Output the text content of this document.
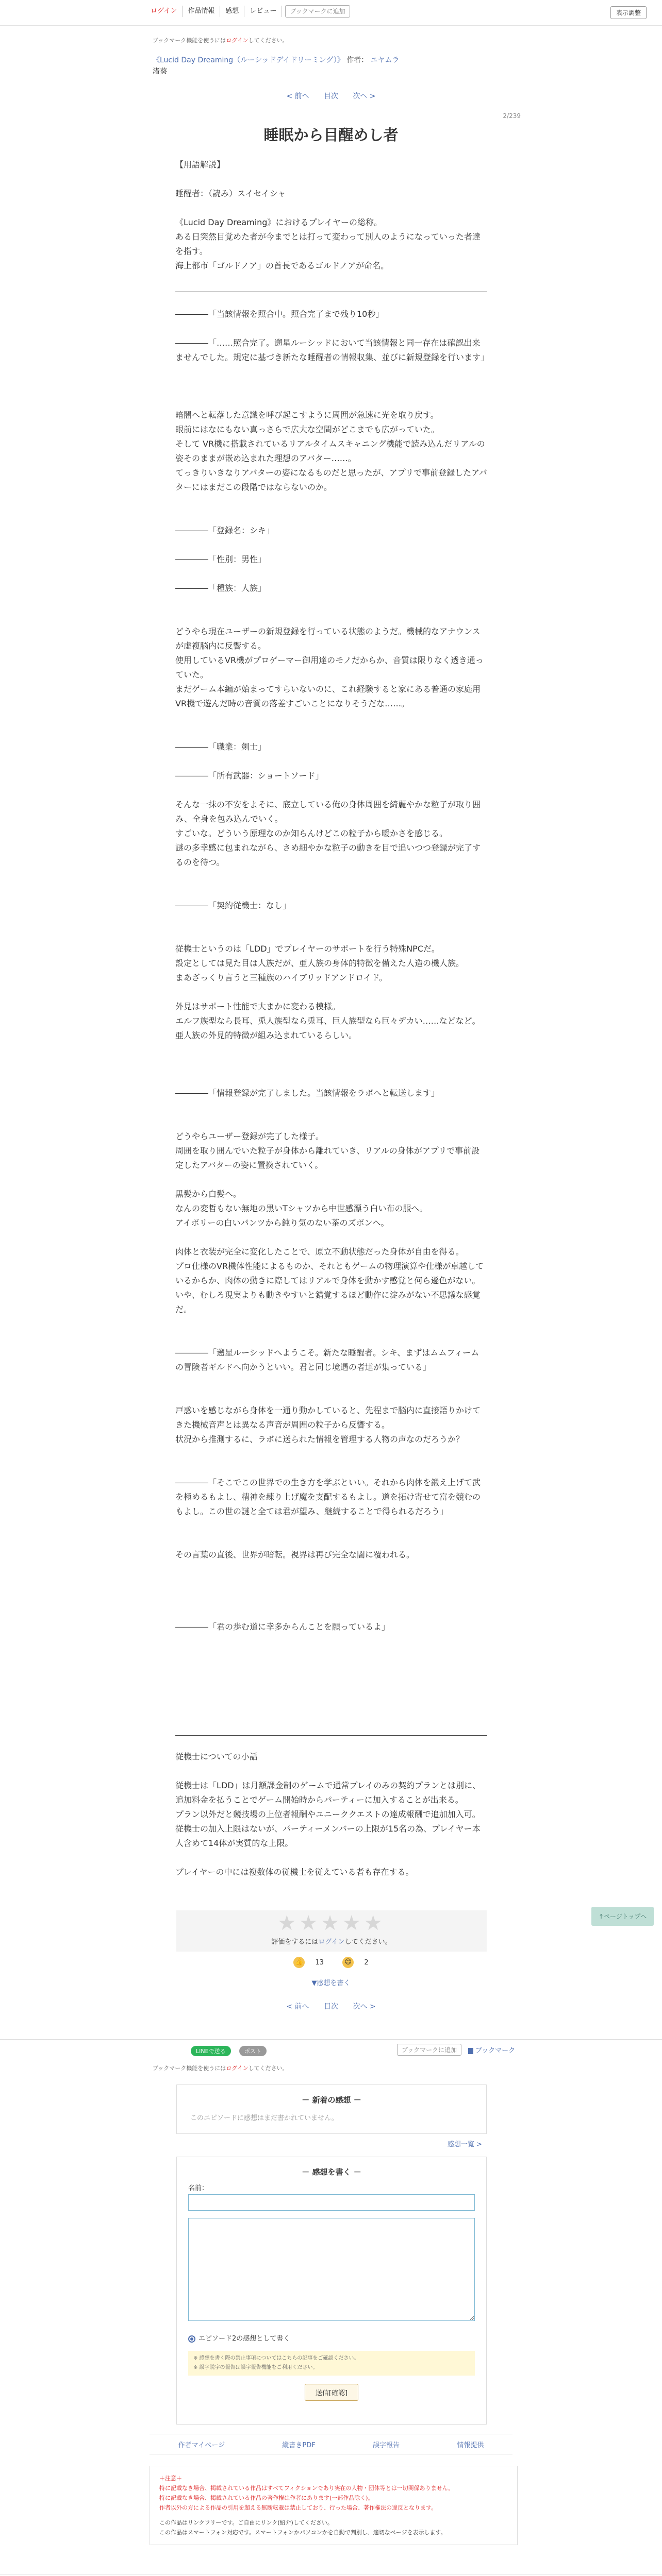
ログイン	作品情報	感想	レビュー	ブックマークに追加	表示調整
ブックマーク機能を使うにはログインしてください。
《Lucid Day Dreaming（ルーシッドデイドリーミング）》 作者： エヤムラ
渚葵
< 前へ 目次 次へ >
2/239
睡眠から目醒めし者

【用語解説】

睡醒者：（読み）スイセイシャ

《Lucid Day Dreaming》におけるプレイヤーの総称。

ある日突然目覚めた者が今までとは打って変わって別人のようになっていった者達を指す。

海上都市「ゴルドノア」の首長であるゴルドノアが命名。

――――「当該情報を照合中。照合完了まで残り10秒」

――――「……照合完了。遡星ルーシッドにおいて当該情報と同一存在は確認出来ませんでした。規定に基づき新たな睡醒者の情報収集、並びに新規登録を行います」

暗闇へと転落した意識を呼び起こすように周囲が急速に光を取り戻す。

眼前にはなにもない真っさらで広大な空間がどこまでも広がっていた。

そして VR機に搭載されているリアルタイムスキャニング機能で読み込んだリアルの姿そのままが嵌め込まれた理想のアバター……。

てっきりいきなりアバターの姿になるものだと思ったが、アプリで事前登録したアバターにはまだこの段階ではならないのか。

――――「登録名：シキ」

――――「性別：男性」

――――「種族：人族」

どうやら現在ユーザーの新規登録を行っている状態のようだ。機械的なアナウンスが虚複脳内に反響する。

使用しているVR機がプロゲーマー御用達のモノだからか、音質は限りなく透き通っていた。

まだゲーム本編が始まってすらいないのに、これ経験すると家にある普通の家庭用VR機で遊んだ時の音質の落差すごいことになりそうだな……。

――――「職業：剣士」

――――「所有武器：ショートソード」

そんな一抹の不安をよそに、底立している俺の身体周囲を綺麗やかな粒子が取り囲み、全身を包み込んでいく。

すごいな。どういう原理なのか知らんけどこの粒子から暖かさを感じる。

謎の多幸感に包まれながら、さめ細やかな粒子の動きを目で追いつつ登録が完了するのを待つ。

――――「契約従機士：なし」

従機士というのは「LDD」でプレイヤーのサポートを行う特殊NPCだ。

設定としては見た目は人族だが、亜人族の身体的特徴を備えた人造の機人族。

まあざっくり言うと三種族のハイブリッドアンドロイド。

外見はサポート性能で大まかに変わる模様。

エルフ族型なら長耳、兎人族型なら兎耳、巨人族型なら巨々デカい……などなど。

亜人族の外見的特徴が組み込まれているらしい。

――――「情報登録が完了しました。当該情報をラボへと転送します」

どうやらユーザー登録が完了した様子。

周囲を取り囲んでいた粒子が身体から離れていき、リアルの身体がアプリで事前設定したアバターの姿に置換されていく。

黒髪から白髪へ。

なんの変哲もない無地の黒いTシャツから中世感漂う白い布の服へ。

アイボリーの白いパンツから鈍り気のない茶のズボンへ。

肉体と衣装が完全に変化したことで、原立不動状態だった身体が自由を得る。

プロ仕様のVR機体性能によるものか、それともゲームの物理演算や仕様が卓越しているからか、肉体の動きに際してはリアルで身体を動かす感覚と何ら遜色がない。

いや、むしろ現実よりも動きやすいと錯覚するほど動作に淀みがない不思議な感覚だ。

――――「遡星ルーシッドへようこそ。新たな睡醒者。シキ、まずはムムフィームの冒険者ギルドへ向かうといい。君と同じ境遇の者達が集っている」

戸惑いを感じながら身体を一通り動かしていると、先程まで脳内に直接語りかけてきた機械音声とは異なる声音が周囲の粒子から反響する。

状況から推測するに、ラボに送られた情報を管理する人物の声なのだろうか？

――――「そこでこの世界での生き方を学ぶといい。それから肉体を鍛え上げて武を極めるもよし、精神を練り上げ魔を支配するもよし。道を拓け寄せて富を競むのもよし。この世の謎と全ては君が望み、継続することで得られるだろう」

その言葉の直後、世界が暗転。視界は再び完全な闇に覆われる。

――――「君の歩む道に幸多からんことを願っているよ」

従機士についての小話

従機士は「LDD」は月額課金制のゲームで通常プレイのみの契約プランとは別に、追加料金を払うことでゲーム開始時からパーティーに加入することが出来る。

プラン以外だと競技場の上位者報酬やユニーククエストの達成報酬で追加加入可。

従機士の加入上限はないが、パーティーメンバーの上限が15名の為、プレイヤー本人含めて14体が実質的な上限。

プレイヤーの中には複数体の従機士を従えている者も存在する。

★★★★★
評価をするにはログインしてください。
👍 13	☺ 2
▼感想を書く
< 前へ 目次 次へ >
↑ページトップへ
LINEで送る	ポスト	ブックマークに追加	ブックマーク
ブックマーク機能を使うにはログインしてください。
－ 新着の感想 －
このエピソードに感想はまだ書かれていません。
感想一覧 >
－ 感想を書く －
名前：

エピソード2の感想として書く
※ 感想を書く際の禁止事項についてはこちらの記事をご確認ください。
※ 誤字脱字の報告は誤字報告機能をご利用ください。
送信[確認]
作者マイページ	縦書きPDF	誤字報告	情報提供
＋注意＋
特に記載なき場合、掲載されている作品はすべてフィクションであり実在の人物・団体等とは一切関係ありません。
特に記載なき場合、掲載されている作品の著作権は作者にあります(一部作品除く)。
作者以外の方による作品の引用を超える無断転載は禁止しており、行った場合、著作権法の違反となります。
この作品はリンクフリーです。ご自由にリンク(紹介)してください。
この作品はスマートフォン対応です。スマートフォンかパソコンかを自動で判別し、適切なページを表示します。
